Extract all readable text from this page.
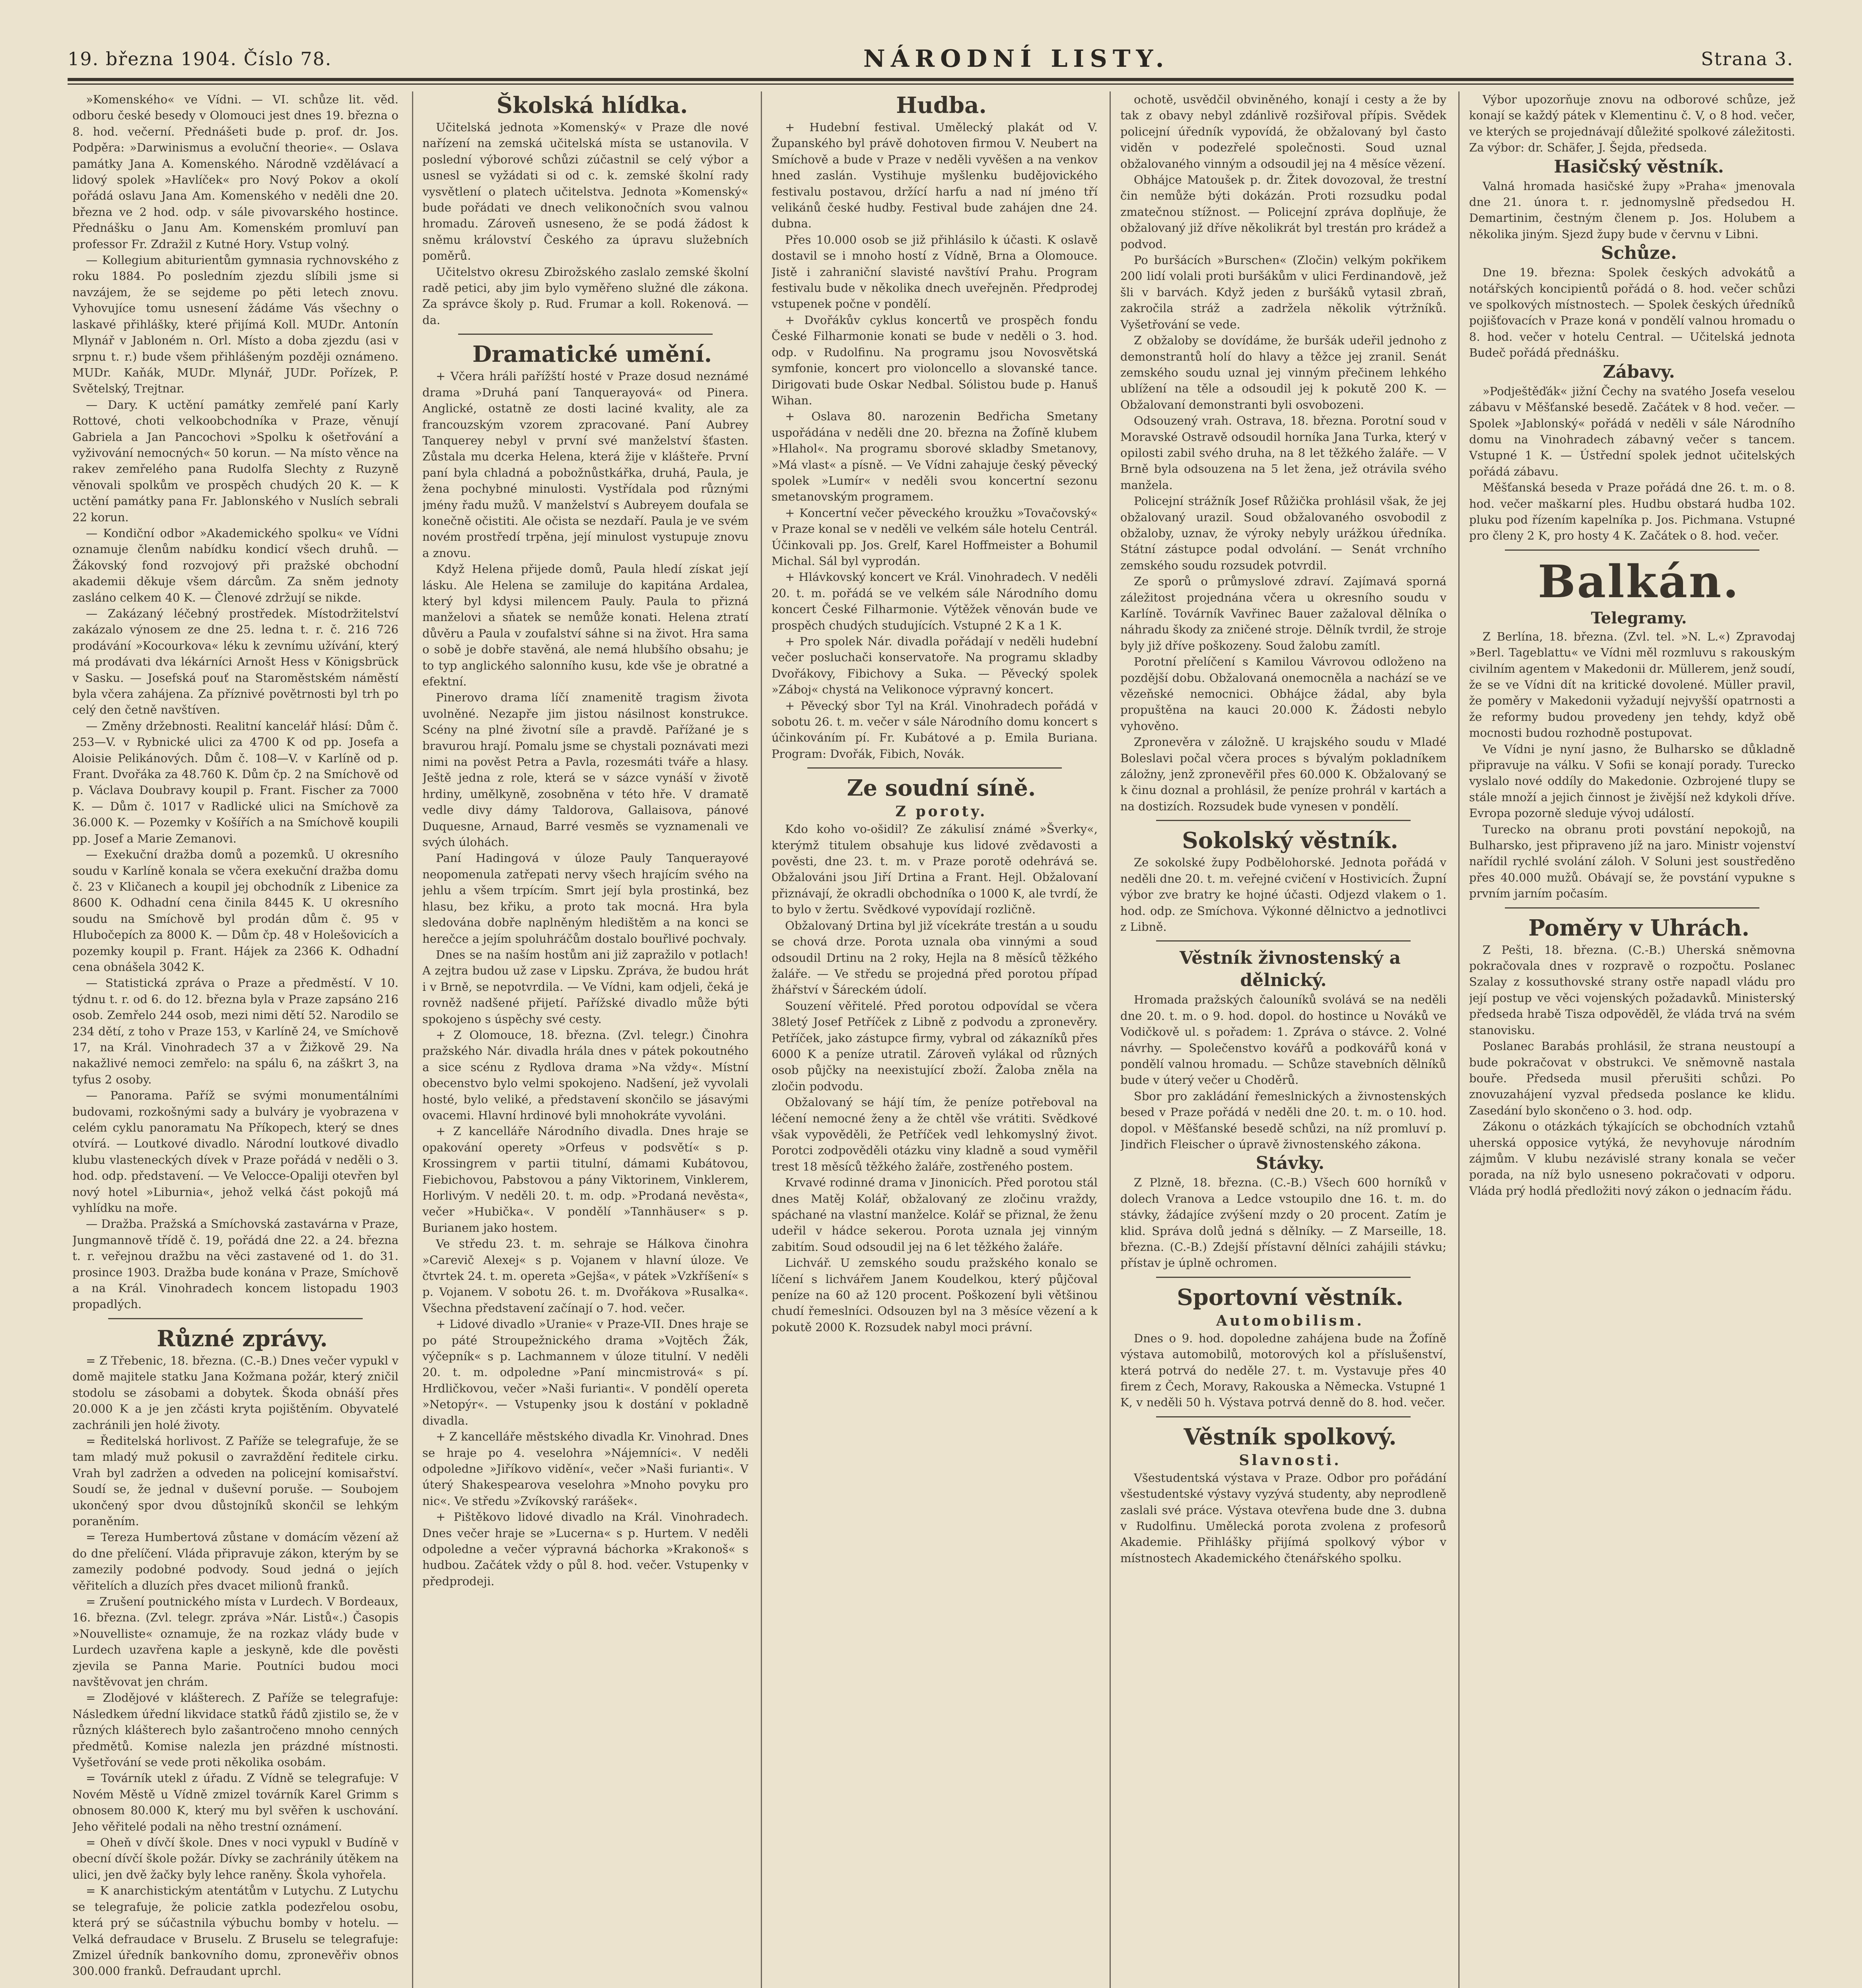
19. března 1904. Číslo 78.	NÁRODNÍ LISTY.	Strana 3.

»Komenského« ve Vídni. — VI. schůze lit. věd. odboru české besedy v Olomouci jest dnes 19. března o 8. hod. večerní. Přednášeti bude p. prof. dr. Jos. Podpěra: »Darwinismus a evoluční theorie«. — Oslava památky Jana A. Komenského. Národně vzdělávací a lidový spolek »Havlíček« pro Nový Pokov a okolí pořádá oslavu Jana Am. Komenského v neděli dne 20. března ve 2 hod. odp. v sále pivovarského hostince. Přednášku o Janu Am. Komenském promluví pan professor Fr. Zdražil z Kutné Hory. Vstup volný.

— Kollegium abiturientům gymnasia rychnovského z roku 1884. Po posledním zjezdu slíbili jsme si navzájem, že se sejdeme po pěti letech znovu. Vyhovujíce tomu usnesení žádáme Vás všechny o laskavé přihlášky, které přijímá Koll. MUDr. Antonín Mlynář v Jabloném n. Orl. Místo a doba zjezdu (asi v srpnu t. r.) bude všem přihlášeným později oznámeno. MUDr. Kaňák, MUDr. Mlynář, JUDr. Pořízek, P. Světelský, Trejtnar.

— Dary. K uctění památky zemřelé paní Karly Rottové, choti velkoobchodníka v Praze, věnují Gabriela a Jan Pancochovi »Spolku k ošetřování a vyživování nemocných« 50 korun. — Na místo věnce na rakev zemřelého pana Rudolfa Slechty z Ruzyně věnovali spolkům ve prospěch chudých 20 K. — K uctění památky pana Fr. Jablonského v Nuslích sebrali 22 korun.

— Kondiční odbor »Akademického spolku« ve Vídni oznamuje členům nabídku kondicí všech druhů. — Žákovský fond rozvojový při pražské obchodní akademii děkuje všem dárcům. Za sněm jednoty zasláno celkem 40 K. — Členové zdržují se nikde.

— Zakázaný léčebný prostředek. Místodržitelství zakázalo výnosem ze dne 25. ledna t. r. č. 216 726 prodávání »Kocourkova« léku k zevnímu užívání, který má prodávati dva lékárníci Arnošt Hess v Königsbrück v Sasku. — Josefská pouť na Staroměstském náměstí byla včera zahájena. Za příznivé povětrnosti byl trh po celý den četně navštíven.

— Změny držebnosti. Realitní kancelář hlásí: Dům č. 253—V. v Rybnické ulici za 4700 K od pp. Josefa a Aloisie Pelikánových. Dům č. 108—V. v Karlíně od p. Frant. Dvořáka za 48.760 K. Dům čp. 2 na Smíchově od p. Václava Doubravy koupil p. Frant. Fischer za 7000 K. — Dům č. 1017 v Radlické ulici na Smíchově za 36.000 K. — Pozemky v Košířích a na Smíchově koupili pp. Josef a Marie Zemanovi.

— Exekuční dražba domů a pozemků. U okresního soudu v Karlíně konala se včera exekuční dražba domu č. 23 v Kličanech a koupil jej obchodník z Libenice za 8600 K. Odhadní cena činila 8445 K. U okresního soudu na Smíchově byl prodán dům č. 95 v Hlubočepích za 8000 K. — Dům čp. 48 v Holešovicích a pozemky koupil p. Frant. Hájek za 2366 K. Odhadní cena obnášela 3042 K.

— Statistická zpráva o Praze a předměstí. V 10. týdnu t. r. od 6. do 12. března byla v Praze zapsáno 216 osob. Zemřelo 244 osob, mezi nimi dětí 52. Narodilo se 234 dětí, z toho v Praze 153, v Karlíně 24, ve Smíchově 17, na Král. Vinohradech 37 a v Žižkově 29. Na nakažlivé nemoci zemřelo: na spálu 6, na záškrt 3, na tyfus 2 osoby.

— Panorama. Paříž se svými monumentálními budovami, rozkošnými sady a bulváry je vyobrazena v celém cyklu panoramatu Na Příkopech, který se dnes otvírá. — Loutkové divadlo. Národní loutkové divadlo klubu vlasteneckých dívek v Praze pořádá v neděli o 3. hod. odp. představení. — Ve Velocce-Opaliji otevřen byl nový hotel »Liburnia«, jehož velká část pokojů má vyhlídku na moře.

— Dražba. Pražská a Smíchovská zastavárna v Praze, Jungmannově třídě č. 19, pořádá dne 22. a 24. března t. r. veřejnou dražbu na věci zastavené od 1. do 31. prosince 1903. Dražba bude konána v Praze, Smíchově a na Král. Vinohradech koncem listopadu 1903 propadlých.

Různé zprávy.

= Z Třebenic, 18. března. (C.-B.) Dnes večer vypukl v domě majitele statku Jana Kožmana požár, který zničil stodolu se zásobami a dobytek. Škoda obnáší přes 20.000 K a je jen zčásti kryta pojištěním. Obyvatelé zachránili jen holé životy.

= Ředitelská horlivost. Z Paříže se telegrafuje, že se tam mladý muž pokusil o zavraždění ředitele cirku. Vrah byl zadržen a odveden na policejní komisařství. Soudí se, že jednal v duševní poruše. — Soubojem ukončený spor dvou důstojníků skončil se lehkým poraněním.

= Tereza Humbertová zůstane v domácím vězení až do dne přelíčení. Vláda připravuje zákon, kterým by se zamezily podobné podvody. Soud jedná o jejích věřitelích a dluzích přes dvacet milionů franků.

= Zrušení poutnického místa v Lurdech. V Bordeaux, 16. března. (Zvl. telegr. zpráva »Nár. Listů«.) Časopis »Nouvelliste« oznamuje, že na rozkaz vlády bude v Lurdech uzavřena kaple a jeskyně, kde dle pověsti zjevila se Panna Marie. Poutníci budou moci navštěvovat jen chrám.

= Zlodějové v klášterech. Z Paříže se telegrafuje: Následkem úřední likvidace statků řádů zjistilo se, že v různých klášterech bylo zašantročeno mnoho cenných předmětů. Komise nalezla jen prázdné místnosti. Vyšetřování se vede proti několika osobám.

= Továrník utekl z úřadu. Z Vídně se telegrafuje: V Novém Městě u Vídně zmizel továrník Karel Grimm s obnosem 80.000 K, který mu byl svěřen k uschování. Jeho věřitelé podali na něho trestní oznámení.

= Oheň v dívčí škole. Dnes v noci vypukl v Budíně v obecní dívčí škole požár. Dívky se zachránily útěkem na ulici, jen dvě žačky byly lehce raněny. Škola vyhořela.

= K anarchistickým atentátům v Lutychu. Z Lutychu se telegrafuje, že policie zatkla podezřelou osobu, která prý se súčastnila výbuchu bomby v hotelu. — Velká defraudace v Bruselu. Z Bruselu se telegrafuje: Zmizel úředník bankovního domu, zpronevěřiv obnos 300.000 franků. Defraudant uprchl.

Školská hlídka.

Učitelská jednota »Komenský« v Praze dle nové nařízení na zemská učitelská místa se ustanovila. V poslední výborové schůzi zúčastnil se celý výbor a usnesl se vyžádati si od c. k. zemské školní rady vysvětlení o platech učitelstva. Jednota »Komenský« bude pořádati ve dnech velikonočních svou valnou hromadu. Zároveň usneseno, že se podá žádost k sněmu království Českého za úpravu služebních poměrů.

Učitelstvo okresu Zbirožského zaslalo zemské školní radě petici, aby jim bylo vyměřeno služné dle zákona. Za správce školy p. Rud. Frumar a koll. Rokenová. — da.

Dramatické umění.

+ Včera hráli pařížští hosté v Praze dosud neznámé drama »Druhá paní Tanquerayová« od Pinera. Anglické, ostatně ze dosti laciné kvality, ale za francouzským vzorem zpracované. Paní Aubrey Tanquerey nebyl v první své manželství šťasten. Zůstala mu dcerka Helena, která žije v klášteře. První paní byla chladná a pobožnůstkářka, druhá, Paula, je žena pochybné minulosti. Vystřídala pod různými jmény řadu mužů. V manželství s Aubreyem doufala se konečně očistiti. Ale očista se nezdaří. Paula je ve svém novém prostředí trpěna, její minulost vystupuje znovu a znovu.

Když Helena přijede domů, Paula hledí získat její lásku. Ale Helena se zamiluje do kapitána Ardalea, který byl kdysi milencem Pauly. Paula to přizná manželovi a sňatek se nemůže konati. Helena ztratí důvěru a Paula v zoufalství sáhne si na život. Hra sama o sobě je dobře stavěná, ale nemá hlubšího obsahu; je to typ anglického salonního kusu, kde vše je obratné a efektní.

Pinerovo drama líčí znamenitě tragism života uvolněné. Nezapře jim jistou násilnost konstrukce. Scény na plné životní síle a pravdě. Pařížané je s bravurou hrají. Pomalu jsme se chystali poznávati mezi nimi na pověst Petra a Pavla, rozesmáti tváře a hlasy. Ještě jedna z role, která se v sázce vynáší v životě hrdiny, umělkyně, zosobněna v této hře. V dramatě vedle divy dámy Taldorova, Gallaisova, pánové Duquesne, Arnaud, Barré vesměs se vyznamenali ve svých úlohách.

Paní Hadingová v úloze Pauly Tanquerayové neopomenula zatřepati nervy všech hrajícím svého na jehlu a všem trpícím. Smrt její byla prostinká, bez hlasu, bez křiku, a proto tak mocná. Hra byla sledována dobře naplněným hledištěm a na konci se herečce a jejím spoluhráčům dostalo bouřlivé pochvaly.

Dnes se na naším hostům ani již zapražilo v potlach! A zejtra budou už zase v Lipsku. Zpráva, že budou hrát i v Brně, se nepotvrdila. — Ve Vídni, kam odjeli, čeká je rovněž nadšené přijetí. Pařížské divadlo může býti spokojeno s úspěchy své cesty.

+ Z Olomouce, 18. března. (Zvl. telegr.) Činohra pražského Nár. divadla hrála dnes v pátek pokoutného a sice scénu z Rydlova drama »Na vždy«. Místní obecenstvo bylo velmi spokojeno. Nadšení, jež vyvolali hosté, bylo veliké, a představení skončilo se jásavými ovacemi. Hlavní hrdinové byli mnohokráte vyvoláni.

+ Z kancelláře Národního divadla. Dnes hraje se opakování operety »Orfeus v podsvětí« s p. Krossingrem v partii titulní, dámami Kubátovou, Fiebichovou, Pabstovou a pány Viktorinem, Vinklerem, Horlivým. V neděli 20. t. m. odp. »Prodaná nevěsta«, večer »Hubička«. V pondělí »Tannhäuser« s p. Burianem jako hostem.

Ve středu 23. t. m. sehraje se Hálkova činohra »Carevič Alexej« s p. Vojanem v hlavní úloze. Ve čtvrtek 24. t. m. opereta »Gejša«, v pátek »Vzkříšení« s p. Vojanem. V sobotu 26. t. m. Dvořákova »Rusalka«. Všechna představení začínají o 7. hod. večer.

+ Lidové divadlo »Uranie« v Praze-VII. Dnes hraje se po páté Stroupežnického drama »Vojtěch Žák, výčepník« s p. Lachmannem v úloze titulní. V neděli 20. t. m. odpoledne »Paní mincmistrová« s pí. Hrdličkovou, večer »Naši furianti«. V pondělí opereta »Netopýr«. — Vstupenky jsou k dostání v pokladně divadla.

+ Z kancelláře městského divadla Kr. Vinohrad. Dnes se hraje po 4. veselohra »Nájemníci«. V neděli odpoledne »Jiříkovo vidění«, večer »Naši furianti«. V úterý Shakespearova veselohra »Mnoho povyku pro nic«. Ve středu »Zvíkovský rarášek«.

+ Pištěkovo lidové divadlo na Král. Vinohradech. Dnes večer hraje se »Lucerna« s p. Hurtem. V neděli odpoledne a večer výpravná báchorka »Krakonoš« s hudbou. Začátek vždy o půl 8. hod. večer. Vstupenky v předprodeji.

Hudba.

+ Hudební festival. Umělecký plakát od V. Županského byl právě dohotoven firmou V. Neubert na Smíchově a bude v Praze v neděli vyvěšen a na venkov hned zaslán. Vystihuje myšlenku budějovického festivalu postavou, držící harfu a nad ní jméno tří velikánů české hudby. Festival bude zahájen dne 24. dubna.

Přes 10.000 osob se již přihlásilo k účasti. K oslavě dostavil se i mnoho hostí z Vídně, Brna a Olomouce. Jistě i zahraniční slavisté navštíví Prahu. Program festivalu bude v několika dnech uveřejněn. Předprodej vstupenek počne v pondělí.

+ Dvořákův cyklus koncertů ve prospěch fondu České Filharmonie konati se bude v neděli o 3. hod. odp. v Rudolfinu. Na programu jsou Novosvětská symfonie, koncert pro violoncello a slovanské tance. Dirigovati bude Oskar Nedbal. Sólistou bude p. Hanuš Wihan.

+ Oslava 80. narozenin Bedřicha Smetany uspořádána v neděli dne 20. března na Žofíně klubem »Hlahol«. Na programu sborové skladby Smetanovy, »Má vlast« a písně. — Ve Vídni zahajuje český pěvecký spolek »Lumír« v neděli svou koncertní sezonu smetanovským programem.

+ Koncertní večer pěveckého kroužku »Tovačovský« v Praze konal se v neděli ve velkém sále hotelu Centrál. Účinkovali pp. Jos. Grelf, Karel Hoffmeister a Bohumil Michal. Sál byl vyprodán.

+ Hlávkovský koncert ve Král. Vinohradech. V neděli 20. t. m. pořádá se ve velkém sále Národního domu koncert České Filharmonie. Výtěžek věnován bude ve prospěch chudých studujících. Vstupné 2 K a 1 K.

+ Pro spolek Nár. divadla pořádají v neděli hudební večer posluchači konservatoře. Na programu skladby Dvořákovy, Fibichovy a Suka. — Pěvecký spolek »Záboj« chystá na Velikonoce výpravný koncert.

+ Pěvecký sbor Tyl na Král. Vinohradech pořádá v sobotu 26. t. m. večer v sále Národního domu koncert s účinkováním pí. Fr. Kubátové a p. Emila Buriana. Program: Dvořák, Fibich, Novák.

Ze soudní síně.

Z poroty.

Kdo koho vo-ošidil? Ze zákulisí známé »Šverky«, kterýmž titulem obsahuje kus lidové zvědavosti a pověsti, dne 23. t. m. v Praze porotě odehrává se. Obžalováni jsou Jiří Drtina a Frant. Hejl. Obžalovaní přiznávají, že okradli obchodníka o 1000 K, ale tvrdí, že to bylo v žertu. Svědkové vypovídají rozličně.

Obžalovaný Drtina byl již vícekráte trestán a u soudu se chová drze. Porota uznala oba vinnými a soud odsoudil Drtinu na 2 roky, Hejla na 8 měsíců těžkého žaláře. — Ve středu se projedná před porotou případ žhářství v Šáreckém údolí.

Souzení věřitelé. Před porotou odpovídal se včera 38letý Josef Petříček z Libně z podvodu a zpronevěry. Petříček, jako zástupce firmy, vybral od zákazníků přes 6000 K a peníze utratil. Zároveň vylákal od různých osob půjčky na neexistující zboží. Žaloba zněla na zločin podvodu.

Obžalovaný se hájí tím, že peníze potřeboval na léčení nemocné ženy a že chtěl vše vrátiti. Svědkové však vypověděli, že Petříček vedl lehkomyslný život. Porotci zodpověděli otázku viny kladně a soud vyměřil trest 18 měsíců těžkého žaláře, zostřeného postem.

Krvavé rodinné drama v Jinonicích. Před porotou stál dnes Matěj Kolář, obžalovaný ze zločinu vraždy, spáchané na vlastní manželce. Kolář se přiznal, že ženu udeřil v hádce sekerou. Porota uznala jej vinným zabitím. Soud odsoudil jej na 6 let těžkého žaláře.

Lichvář. U zemského soudu pražského konalo se líčení s lichvářem Janem Koudelkou, který půjčoval peníze na 60 až 120 procent. Poškození byli většinou chudí řemeslníci. Odsouzen byl na 3 měsíce vězení a k pokutě 2000 K. Rozsudek nabyl moci právní.

ochotě, usvědčil obviněného, konají i cesty a že by tak z obavy nebyl zdánlivě rozšiřoval přípis. Svědek policejní úředník vypovídá, že obžalovaný byl často viděn v podezřelé společnosti. Soud uznal obžalovaného vinným a odsoudil jej na 4 měsíce vězení.

Obhájce Matoušek p. dr. Žitek dovozoval, že trestní čin nemůže býti dokázán. Proti rozsudku podal zmatečnou stížnost. — Policejní zpráva doplňuje, že obžalovaný již dříve několikrát byl trestán pro krádež a podvod.

Po buršácích »Burschen« (Zločin) velkým pokřikem 200 lidí volali proti buršákům v ulici Ferdinandově, jež šli v barvách. Když jeden z buršáků vytasil zbraň, zakročila stráž a zadržela několik výtržníků. Vyšetřování se vede.

Z obžaloby se dovídáme, že buršák udeřil jednoho z demonstrantů holí do hlavy a těžce jej zranil. Senát zemského soudu uznal jej vinným přečinem lehkého ublížení na těle a odsoudil jej k pokutě 200 K. — Obžalovaní demonstranti byli osvobozeni.

Odsouzený vrah. Ostrava, 18. března. Porotní soud v Moravské Ostravě odsoudil horníka Jana Turka, který v opilosti zabil svého druha, na 8 let těžkého žaláře. — V Brně byla odsouzena na 5 let žena, jež otrávila svého manžela.

Policejní strážník Josef Růžička prohlásil však, že jej obžalovaný urazil. Soud obžalovaného osvobodil z obžaloby, uznav, že výroky nebyly urážkou úředníka. Státní zástupce podal odvolání. — Senát vrchního zemského soudu rozsudek potvrdil.

Ze sporů o průmyslové zdraví. Zajímavá sporná záležitost projednána včera u okresního soudu v Karlíně. Továrník Vavřinec Bauer zažaloval dělníka o náhradu škody za zničené stroje. Dělník tvrdil, že stroje byly již dříve poškozeny. Soud žalobu zamítl.

Porotní přelíčení s Kamilou Vávrovou odloženo na pozdější dobu. Obžalovaná onemocněla a nachází se ve vězeňské nemocnici. Obhájce žádal, aby byla propuštěna na kauci 20.000 K. Žádosti nebylo vyhověno.

Zpronevěra v záložně. U krajského soudu v Mladé Boleslavi počal včera proces s bývalým pokladníkem záložny, jenž zpronevěřil přes 60.000 K. Obžalovaný se k činu doznal a prohlásil, že peníze prohrál v kartách a na dostizích. Rozsudek bude vynesen v pondělí.

Sokolský věstník.

Ze sokolské župy Podbělohorské. Jednota pořádá v neděli dne 20. t. m. veřejné cvičení v Hostivicích. Župní výbor zve bratry ke hojné účasti. Odjezd vlakem o 1. hod. odp. ze Smíchova. Výkonné dělnictvo a jednotlivci z Libně.

Věstník živnostenský a dělnický.

Hromada pražských čalouníků svolává se na neděli dne 20. t. m. o 9. hod. dopol. do hostince u Nováků ve Vodičkově ul. s pořadem: 1. Zpráva o stávce. 2. Volné návrhy. — Společenstvo kovářů a podkovářů koná v pondělí valnou hromadu. — Schůze stavebních dělníků bude v úterý večer u Choděrů.

Sbor pro zakládání řemeslnických a živnostenských besed v Praze pořádá v neděli dne 20. t. m. o 10. hod. dopol. v Měšťanské besedě schůzi, na níž promluví p. Jindřich Fleischer o úpravě živnostenského zákona.

Stávky.

Z Plzně, 18. března. (C.-B.) Všech 600 horníků v dolech Vranova a Ledce vstoupilo dne 16. t. m. do stávky, žádajíce zvýšení mzdy o 20 procent. Zatím je klid. Správa dolů jedná s dělníky. — Z Marseille, 18. března. (C.-B.) Zdejší přístavní dělníci zahájili stávku; přístav je úplně ochromen.

Sportovní věstník.

Automobilism.

Dnes o 9. hod. dopoledne zahájena bude na Žofíně výstava automobilů, motorových kol a příslušenství, která potrvá do neděle 27. t. m. Vystavuje přes 40 firem z Čech, Moravy, Rakouska a Německa. Vstupné 1 K, v neděli 50 h. Výstava potrvá denně do 8. hod. večer.

Věstník spolkový.

Slavnosti.

Všestudentská výstava v Praze. Odbor pro pořádání všestudentské výstavy vyzývá studenty, aby neprodleně zaslali své práce. Výstava otevřena bude dne 3. dubna v Rudolfinu. Umělecká porota zvolena z profesorů Akademie. Přihlášky přijímá spolkový výbor v místnostech Akademického čtenářského spolku.

Výbor upozorňuje znovu na odborové schůze, jež konají se každý pátek v Klementinu č. V, o 8 hod. večer, ve kterých se projednávají důležité spolkové záležitosti. Za výbor: dr. Schäfer, J. Šejda, předseda.

Hasičský věstník.

Valná hromada hasičské župy »Praha« jmenovala dne 21. února t. r. jednomyslně předsedou H. Demartinim, čestným členem p. Jos. Holubem a několika jiným. Sjezd župy bude v červnu v Libni.

Schůze.

Dne 19. března: Spolek českých advokátů a notářských koncipientů pořádá o 8. hod. večer schůzi ve spolkových místnostech. — Spolek českých úředníků pojišťovacích v Praze koná v pondělí valnou hromadu o 8. hod. večer v hotelu Central. — Učitelská jednota Budeč pořádá přednášku.

Zábavy.

»Podještěďák« jižní Čechy na svatého Josefa veselou zábavu v Měšťanské besedě. Začátek v 8 hod. večer. — Spolek »Jablonský« pořádá v neděli v sále Národního domu na Vinohradech zábavný večer s tancem. Vstupné 1 K. — Ústřední spolek jednot učitelských pořádá zábavu.

Měšťanská beseda v Praze pořádá dne 26. t. m. o 8. hod. večer maškarní ples. Hudbu obstará hudba 102. pluku pod řízením kapelníka p. Jos. Pichmana. Vstupné pro členy 2 K, pro hosty 4 K. Začátek o 8. hod. večer.

Balkán.

Telegramy.

Z Berlína, 18. března. (Zvl. tel. »N. L.«) Zpravodaj »Berl. Tageblattu« ve Vídni měl rozmluvu s rakouským civilním agentem v Makedonii dr. Müllerem, jenž soudí, že se ve Vídni dít na kritické dovolené. Müller pravil, že poměry v Makedonii vyžadují nejvyšší opatrnosti a že reformy budou provedeny jen tehdy, když obě mocnosti budou rozhodně postupovat.

Ve Vídni je nyní jasno, že Bulharsko se důkladně připravuje na válku. V Sofii se konají porady. Turecko vyslalo nové oddíly do Makedonie. Ozbrojené tlupy se stále množí a jejich činnost je živější než kdykoli dříve. Evropa pozorně sleduje vývoj událostí.

Turecko na obranu proti povstání nepokojů, na Bulharsko, jest připraveno jíž na jaro. Ministr vojenství nařídil rychlé svolání záloh. V Soluni jest soustředěno přes 40.000 mužů. Obávají se, že povstání vypukne s prvním jarním počasím.

Poměry v Uhrách.

Z Pešti, 18. března. (C.-B.) Uherská sněmovna pokračovala dnes v rozpravě o rozpočtu. Poslanec Szalay z kossuthovské strany ostře napadl vládu pro její postup ve věci vojenských požadavků. Ministerský předseda hrabě Tisza odpověděl, že vláda trvá na svém stanovisku.

Poslanec Barabás prohlásil, že strana neustoupí a bude pokračovat v obstrukci. Ve sněmovně nastala bouře. Předseda musil přerušiti schůzi. Po znovuzahájení vyzval předseda poslance ke klidu. Zasedání bylo skončeno o 3. hod. odp.

Zákonu o otázkách týkajících se obchodních vztahů uherská opposice vytýká, že nevyhovuje národním zájmům. V klubu nezávislé strany konala se večer porada, na níž bylo usneseno pokračovati v odporu. Vláda prý hodlá předložiti nový zákon o jednacím řádu.
